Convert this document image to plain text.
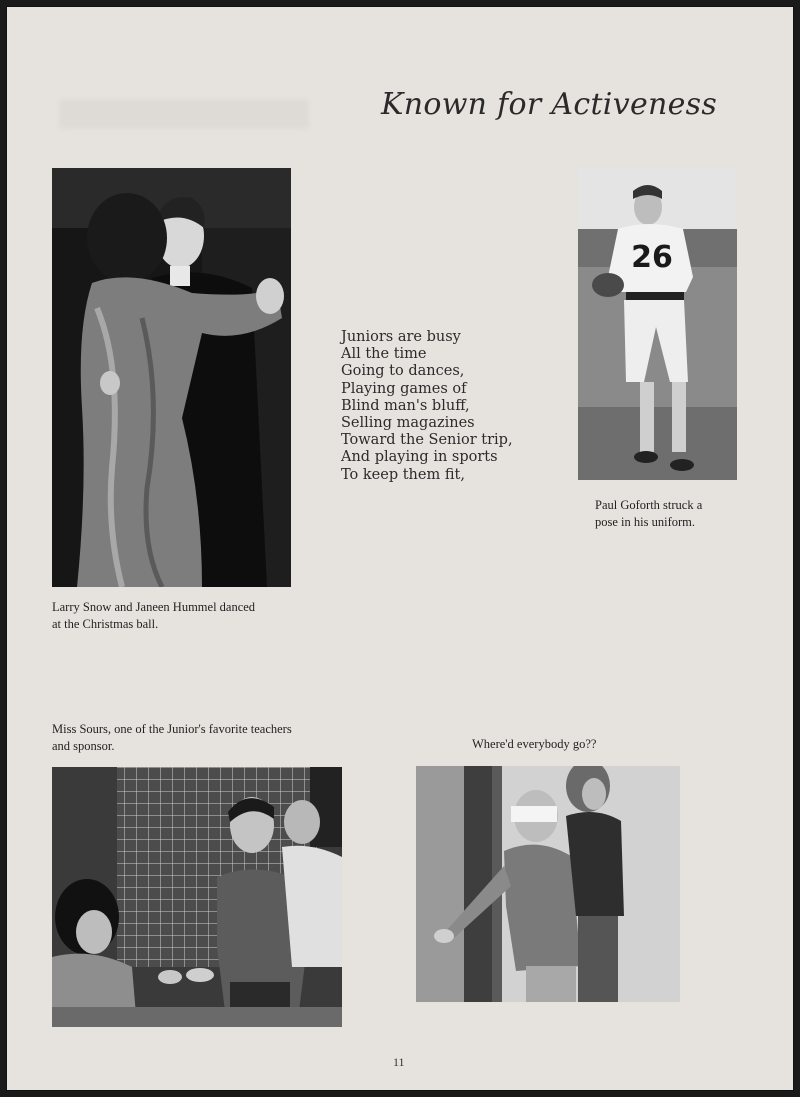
Known for Activeness
Larry Snow and Janeen Hummel danced
at the Christmas ball.
Juniors are busy
All the time
Going to dances,
Playing games of
Blind man's bluff,
Selling magazines
Toward the Senior trip,
And playing in sports
To keep them fit,
26
Paul Goforth struck a
pose in his uniform.
Miss Sours, one of the Junior's favorite teachers
and sponsor.	Where'd everybody go??
11
